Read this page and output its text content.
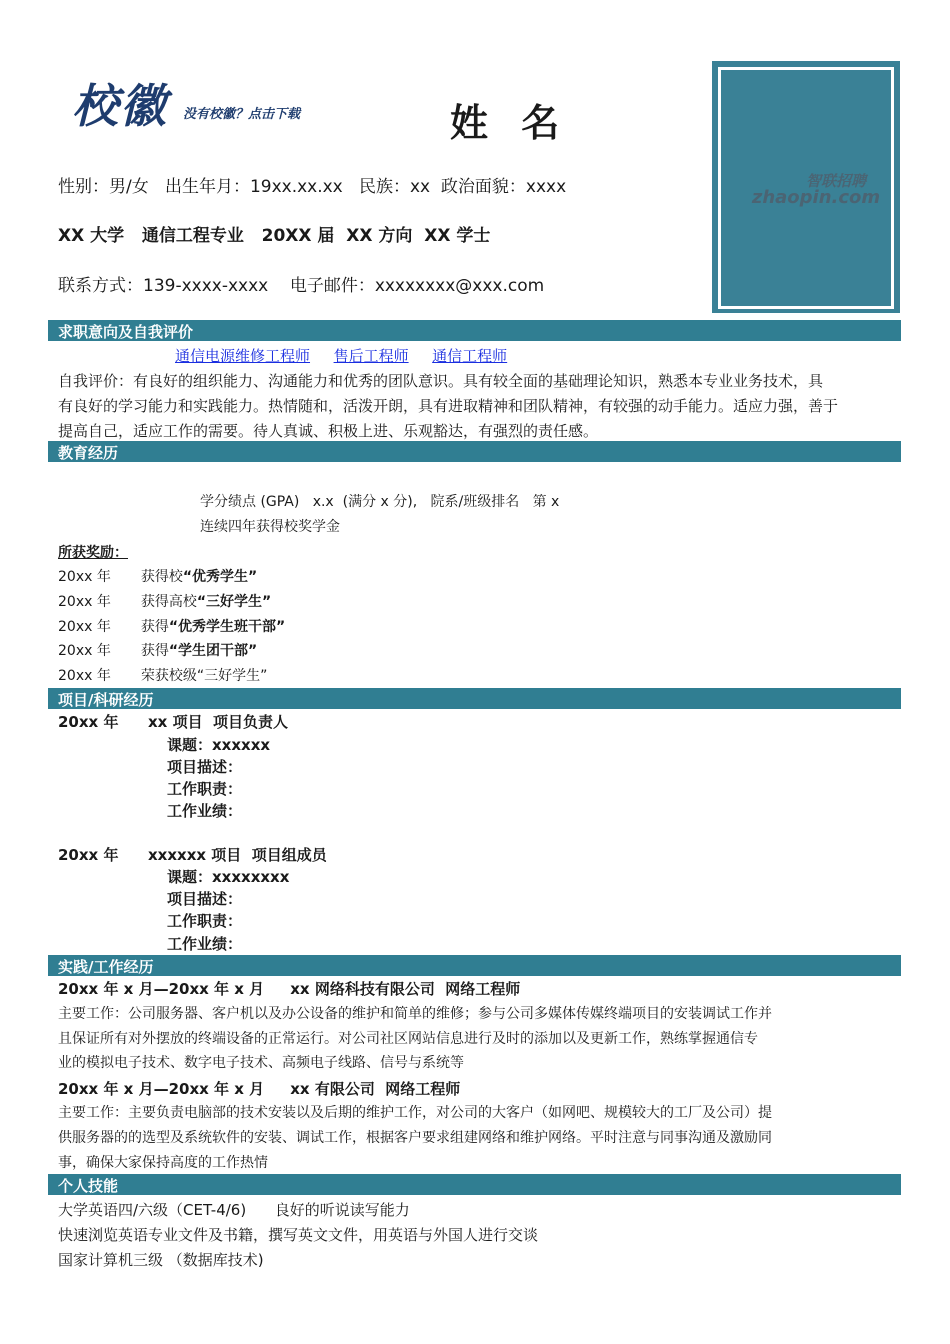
校徽 没有校徽？点击下载	姓 名
性别：男/女   出生年月：19xx.xx.xx   民族：xx  政治面貌：xxxx
XX 大学   通信工程专业   20XX 届  XX 方向  XX 学士
联系方式：139-xxxx-xxxx    电子邮件：xxxxxxxx@xxx.com
智联招聘
zhaopin.com
求职意向及自我评价
通信电源维修工程师 售后工程师 通信工程师
自我评价：有良好的组织能力、沟通能力和优秀的团队意识。具有较全面的基础理论知识，熟悉本专业业务技术，具
有良好的学习能力和实践能力。热情随和，活泼开朗，具有进取精神和团队精神，有较强的动手能力。适应力强，善于
提高自己，适应工作的需要。待人真诚、积极上进、乐观豁达，有强烈的责任感。
教育经历
学分绩点 (GPA)   x.x  (满分 x 分),   院系/班级排名   第 x
连续四年获得校奖学金
所获奖励：
20xx 年 获得校“优秀学生”
20xx 年 获得高校“三好学生”
20xx 年 获得“优秀学生班干部”
20xx 年 获得“学生团干部”
20xx 年 荣获校级“三好学生”
项目/科研经历
20xx 年 xx 项目  项目负责人
课题：xxxxxx
项目描述：
工作职责：
工作业绩：
20xx 年 xxxxxx 项目  项目组成员
课题：xxxxxxxx
项目描述：
工作职责：
工作业绩：
实践/工作经历
20xx 年 x 月—20xx 年 x 月     xx 网络科技有限公司  网络工程师
主要工作：公司服务器、客户机以及办公设备的维护和简单的维修；参与公司多媒体传媒终端项目的安装调试工作并
且保证所有对外摆放的终端设备的正常运行。对公司社区网站信息进行及时的添加以及更新工作，熟练掌握通信专
业的模拟电子技术、数字电子技术、高频电子线路、信号与系统等
20xx 年 x 月—20xx 年 x 月     xx 有限公司  网络工程师
主要工作：主要负责电脑部的技术安装以及后期的维护工作，对公司的大客户（如网吧、规模较大的工厂及公司）提
供服务器的的选型及系统软件的安装、调试工作，根据客户要求组建网络和维护网络。平时注意与同事沟通及激励同
事，确保大家保持高度的工作热情
个人技能
大学英语四/六级（CET-4/6)      良好的听说读写能力
快速浏览英语专业文件及书籍，撰写英文文件，用英语与外国人进行交谈
国家计算机三级 （数据库技术)
